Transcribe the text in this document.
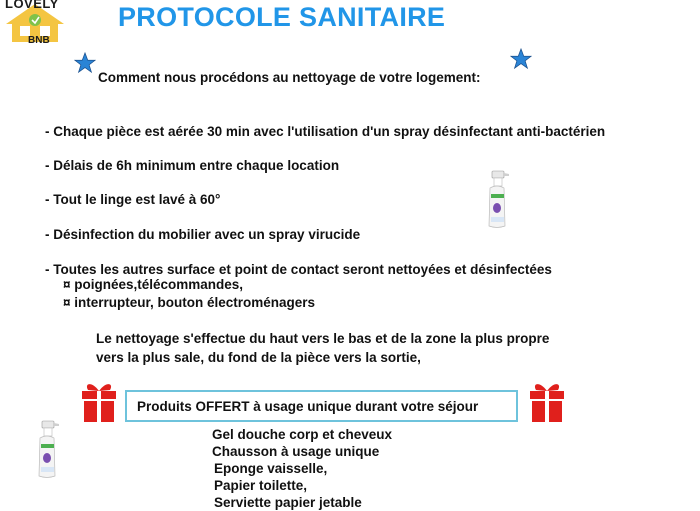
LOVELY
BNB
PROTOCOLE SANITAIRE
Comment nous procédons au nettoyage de votre logement:
- Chaque pièce est aérée 30 min avec l'utilisation d'un spray désinfectant anti-bactérien
- Délais de 6h minimum entre chaque location
- Tout le linge est lavé à 60°
- Désinfection du mobilier avec un spray virucide
- Toutes les autres surface et point de contact seront nettoyées et désinfectées
¤ poignées,télécommandes,
¤ interrupteur, bouton électroménagers
Le nettoyage s'effectue du haut vers le bas et de la zone la plus propre
vers la plus sale, du fond de la pièce vers la sortie,
Produits OFFERT à usage unique durant votre séjour
Gel douche corp et cheveux
Chausson à usage unique
Eponge vaisselle,
Papier toilette,
Serviette papier jetable
